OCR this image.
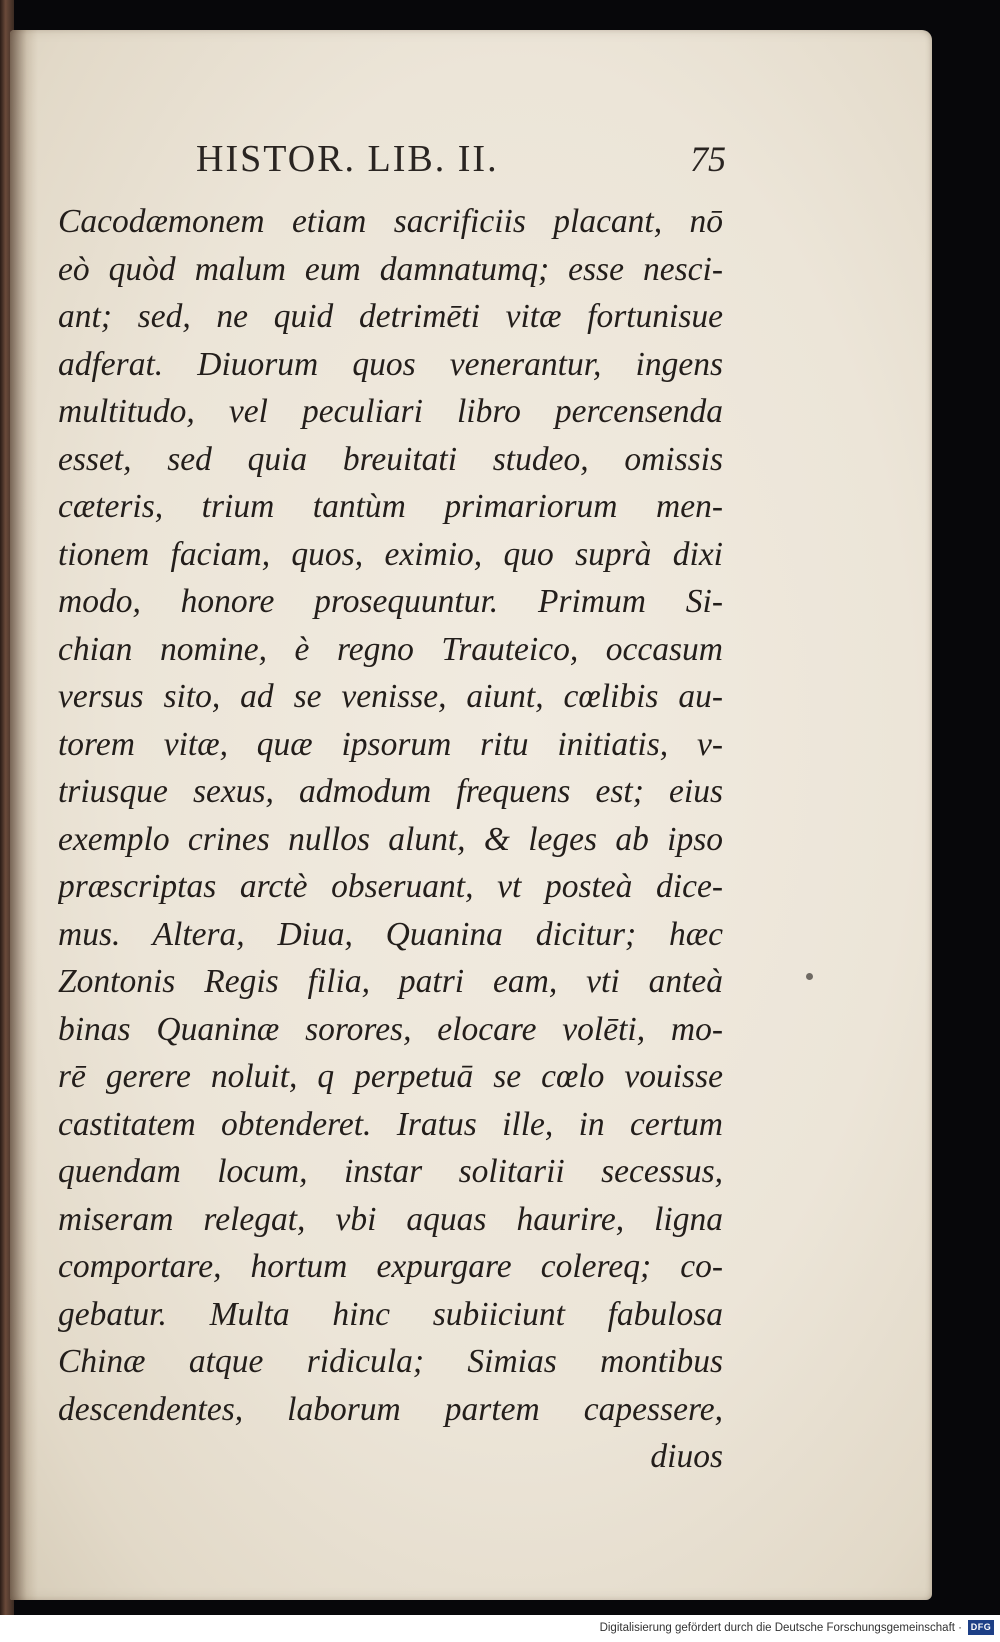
HISTOR. LIB. II.	75
Cacodæmonem etiam sacrificiis placant, nō
eò quòd malum eum damnatumq; esse nesci-
ant; sed, ne quid detrimēti vitæ fortunisue
adferat. Diuorum quos venerantur, ingens
multitudo, vel peculiari libro percensenda
esset, sed quia breuitati studeo, omissis
cæteris, trium tantùm primariorum men-
tionem faciam, quos, eximio, quo suprà dixi
modo, honore prosequuntur. Primum Si-
chian nomine, è regno Trauteico, occasum
versus sito, ad se venisse, aiunt, cœlibis au-
torem vitæ, quæ ipsorum ritu initiatis, v-
triusque sexus, admodum frequens est; eius
exemplo crines nullos alunt, & leges ab ipso
præscriptas arctè obseruant, vt posteà dice-
mus. Altera, Diua, Quanina dicitur; hæc
Zontonis Regis filia, patri eam, vti anteà
binas Quaninæ sorores, elocare volēti, mo-
rē gerere noluit, q perpetuā se cœlo vouisse
castitatem obtenderet. Iratus ille, in certum
quendam locum, instar solitarii secessus,
miseram relegat, vbi aquas haurire, ligna
comportare, hortum expurgare colereq; co-
gebatur. Multa hinc subiiciunt fabulosa
Chinæ atque ridicula; Simias montibus
descendentes, laborum partem capessere,
diuos
Digitalisierung gefördert durch die Deutsche Forschungsgemeinschaft · DFG
